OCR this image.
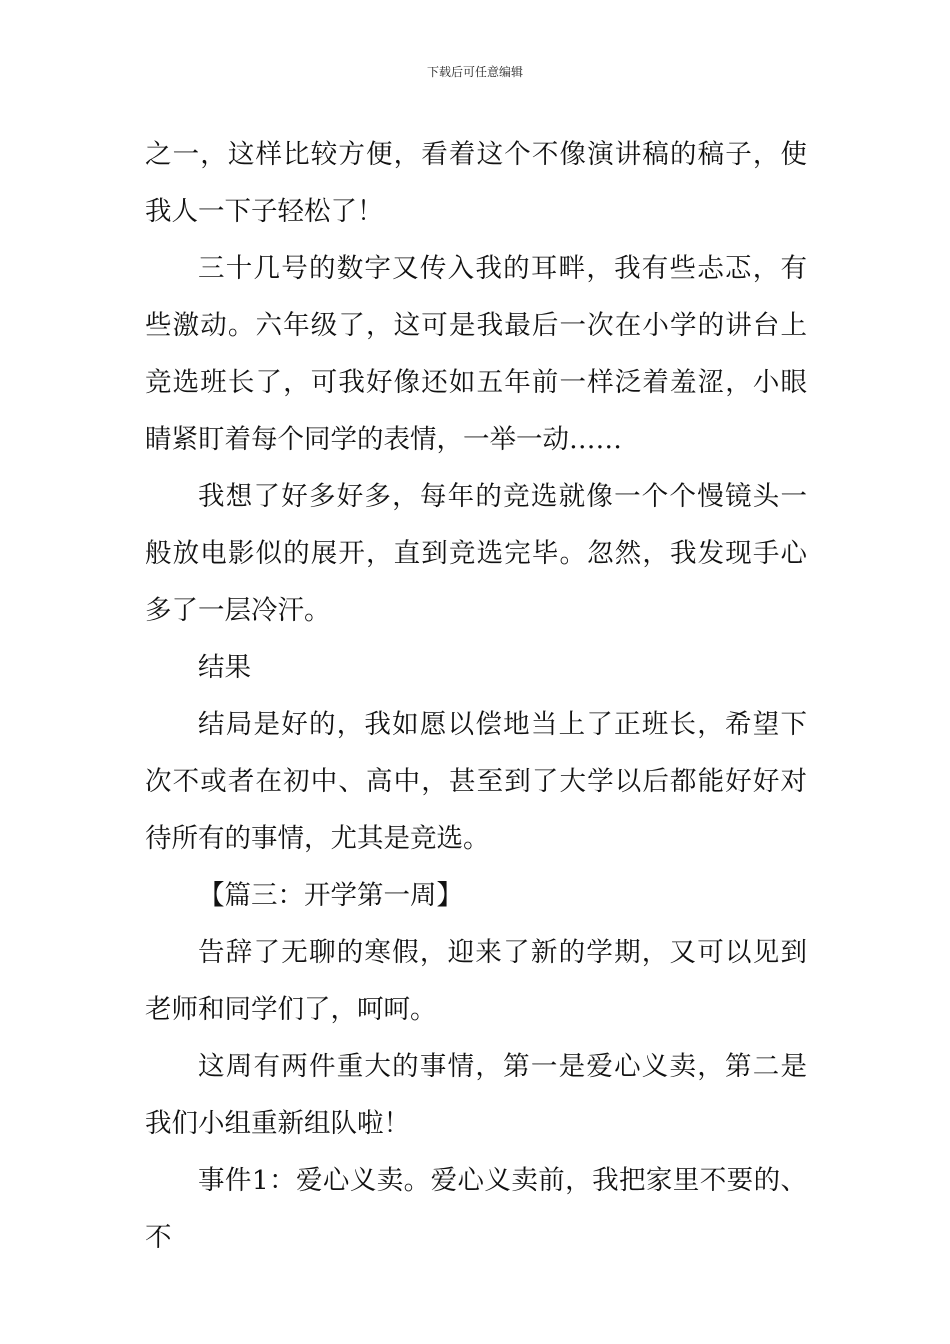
下载后可任意编辑

之一，这样比较方便，看着这个不像演讲稿的稿子，使我人一下子轻松了！

三十几号的数字又传入我的耳畔，我有些忐忑，有些激动。六年级了，这可是我最后一次在小学的讲台上竞选班长了，可我好像还如五年前一样泛着羞涩，小眼睛紧盯着每个同学的表情，一举一动……

我想了好多好多，每年的竞选就像一个个慢镜头一般放电影似的展开，直到竞选完毕。忽然，我发现手心多了一层冷汗。

结果

结局是好的，我如愿以偿地当上了正班长，希望下次不或者在初中、高中，甚至到了大学以后都能好好对待所有的事情，尤其是竞选。

【篇三：开学第一周】

告辞了无聊的寒假，迎来了新的学期，又可以见到老师和同学们了，呵呵。

这周有两件重大的事情，第一是爱心义卖，第二是我们小组重新组队啦！

事件1：爱心义卖。爱心义卖前，我把家里不要的、不
